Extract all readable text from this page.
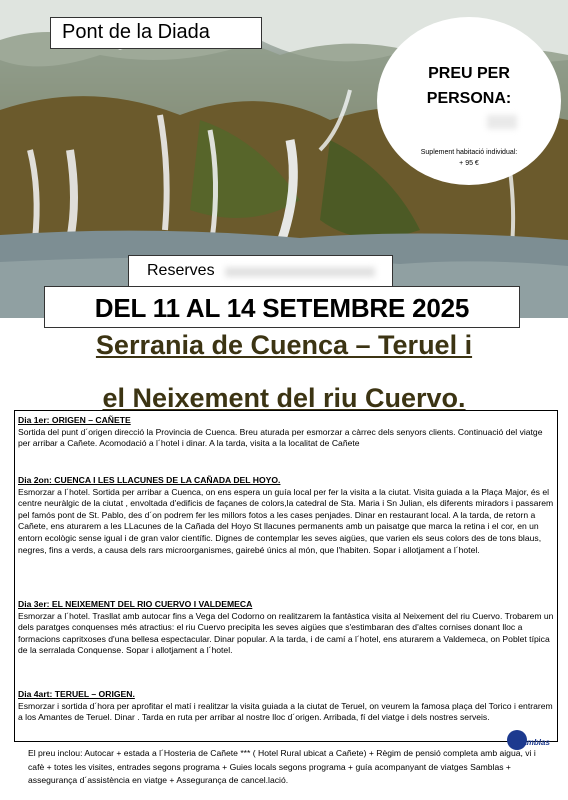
Pont de la Diada
PREU PER
PERSONA:
Suplement habitació individual:
+ 95 €
Reserves
DEL 11 AL 14 SETEMBRE 2025
Serrania de Cuenca – Teruel i
el Neixement del riu Cuervo.
Dia 1er: ORIGEN – CAÑETE
Sortida del punt d´origen direcció la Provincia de Cuenca. Breu aturada per esmorzar a càrrec dels senyors clients. Continuació del viatge per arribar a Cañete. Acomodació a l´hotel i dinar. A la tarda, visita a la localitat de Cañete
Dia 2on: CUENCA I LES LLACUNES DE LA CAÑADA DEL HOYO.
Esmorzar a l´hotel. Sortida per arribar a Cuenca, on ens espera un guía local per fer la visita a la ciutat. Visita guiada a la Plaça Major, és el centre neuràlgic de la ciutat , envoltada d'edificis de façanes de colors,la catedral de Sta. Maria i Sn Julian, els diferents miradors i passarem pel famós pont de St. Pablo, des d´on podrem fer les millors fotos a les cases penjades. Dinar en restaurant local. A la tarda, de retorn a Cañete, ens aturarem a les LLacunes de la Cañada del Hoyo St llacunes permanents amb un paisatge que marca la retina i el cor, en un entorn ecològic sense igual i de gran valor científic. Dignes de contemplar les seves aigües, que varien els seus colors des de tons blaus, negres, fins a verds, a causa dels rars microorganismes, gairebé únics al món, que l'habiten. Sopar i allotjament a l´hotel.
Dia 3er: EL NEIXEMENT DEL RIO CUERVO I VALDEMECA
Esmorzar a l´hotel. Trasllat amb autocar fins a Vega del Codorno on realitzarem la fantàstica visita al Neixement del riu Cuervo. Trobarem un dels paratges conquenses més atractius: el riu Cuervo precipita les seves aigües que s'estimbaran des d'altes cornises donant lloc a formacions capritxoses d'una bellesa espectacular. Dinar popular. A la tarda, i de camí a l´hotel, ens aturarem a Valdemeca, on Poblet típica de la serralada Conquense. Sopar i allotjament a l´hotel.
Dia 4art: TERUEL – ORIGEN.
Esmorzar i sortida d´hora per aprofitar el matí i realitzar la visita guiada a la ciutat de Teruel, on veurem la famosa plaça del Torico i entrarem a los Amantes de Teruel. Dinar . Tarda en ruta per arribar al nostre lloc d´origen. Arribada, fí del viatge i dels nostres serveis.
Samblas
El preu inclou: Autocar + estada a l´Hosteria de Cañete *** ( Hotel Rural ubicat a Cañete) + Règim de pensió completa amb aigua, vi i cafè + totes les visites, entrades segons programa + Guies locals segons programa + guía acompanyant de viatges Samblas + assegurança d´assistència en viatge + Assegurança de cancel.lació.
